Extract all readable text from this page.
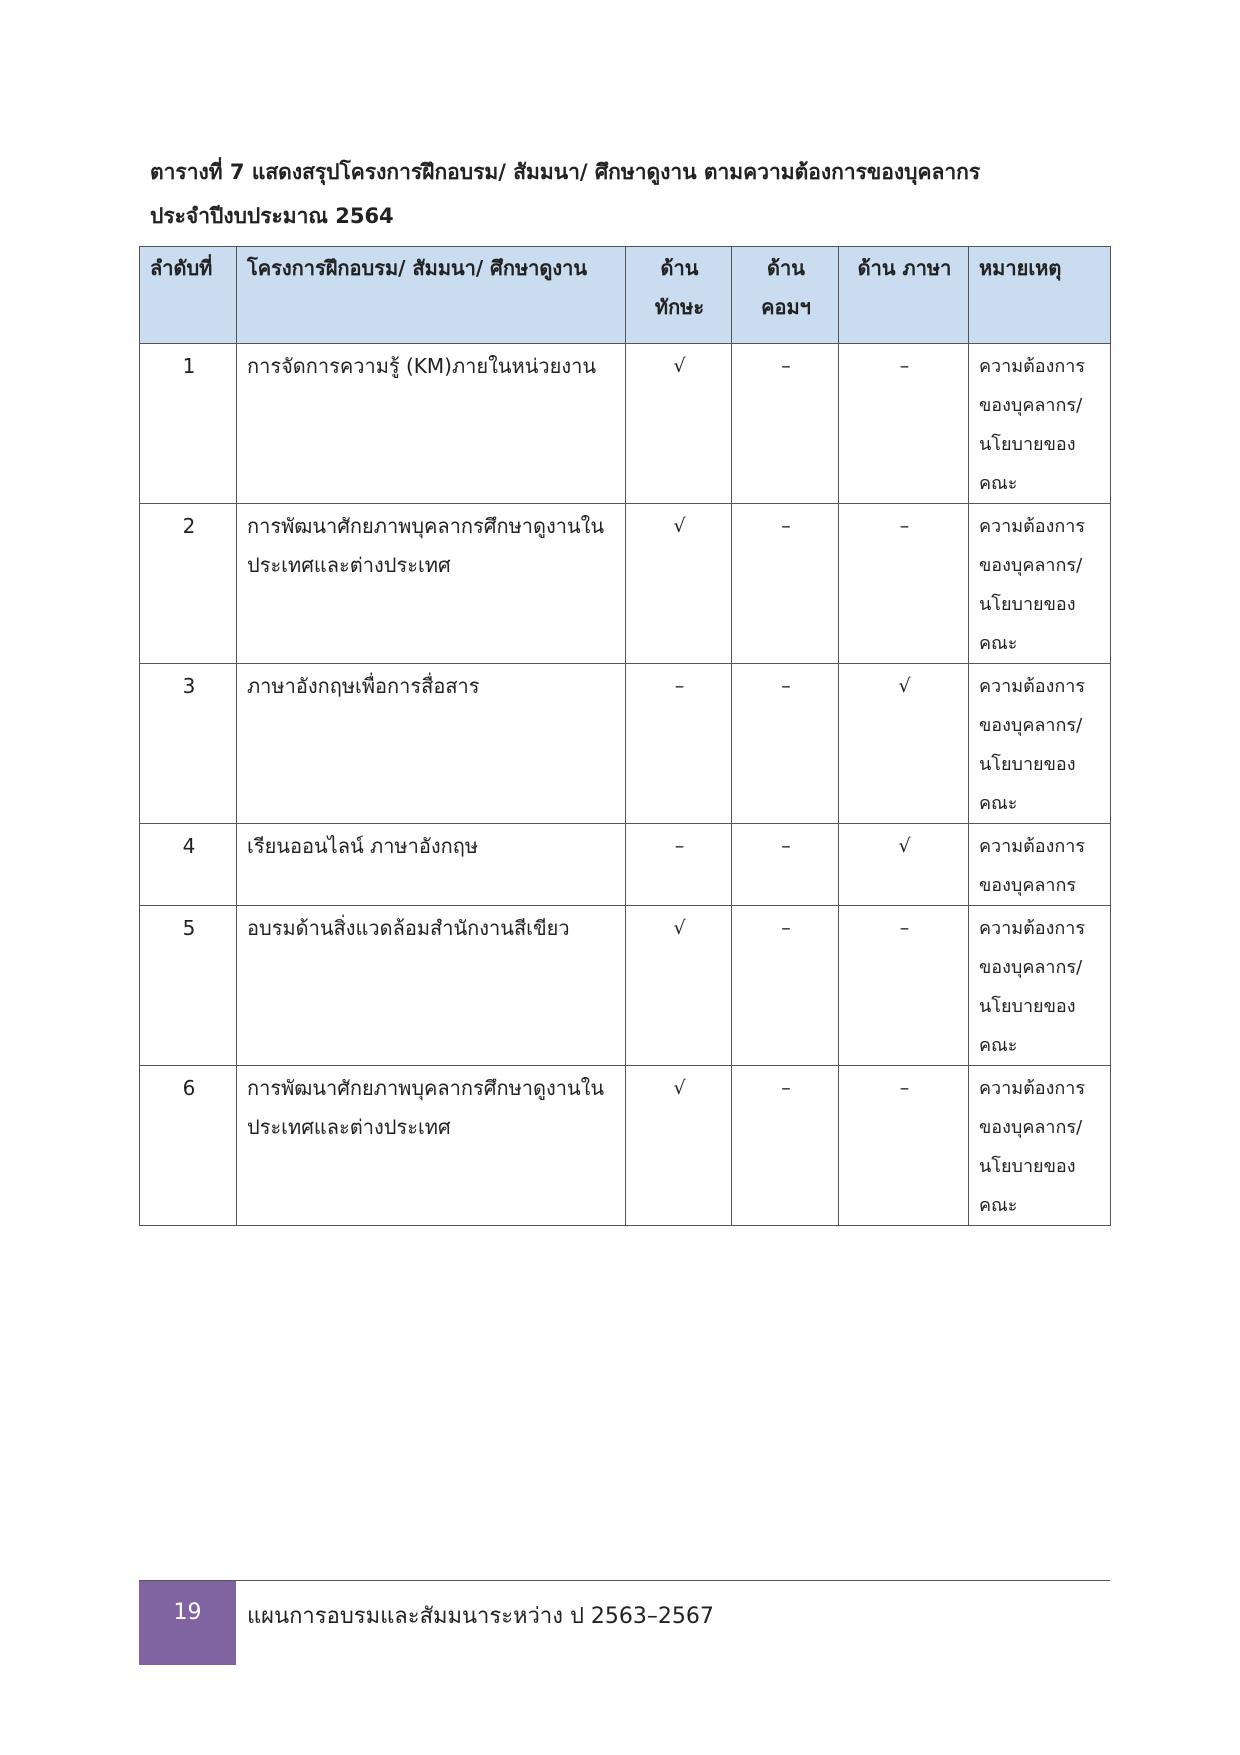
ตารางที่ 7 แสดงสรุปโครงการฝึกอบรม/ สัมมนา/ ศึกษาดูงาน ตามความต้องการของบุคลากร
ประจำปีงบประมาณ 2564
ลำดับที่	โครงการฝึกอบรม/ สัมมนา/ ศึกษาดูงาน	ด้าน ทักษะ	ด้าน คอมฯ	ด้าน ภาษา	หมายเหตุ
1	การจัดการความรู้ (KM)ภายในหน่วยงาน	√	–	–	ความต้องการของบุคลากร/นโยบายของคณะ
2	การพัฒนาศักยภาพบุคลากรศึกษาดูงานในประเทศและต่างประเทศ	√	–	–	ความต้องการของบุคลากร/นโยบายของคณะ
3	ภาษาอังกฤษเพื่อการสื่อสาร	–	–	√	ความต้องการของบุคลากร/นโยบายของคณะ
4	เรียนออนไลน์ ภาษาอังกฤษ	–	–	√	ความต้องการของบุคลากร
5	อบรมด้านสิ่งแวดล้อมสำนักงานสีเขียว	√	–	–	ความต้องการของบุคลากร/นโยบายของคณะ
6	การพัฒนาศักยภาพบุคลากรศึกษาดูงานในประเทศและต่างประเทศ	√	–	–	ความต้องการของบุคลากร/นโยบายของคณะ
19	แผนการอบรมและสัมมนาระหว่าง ป 2563–2567
